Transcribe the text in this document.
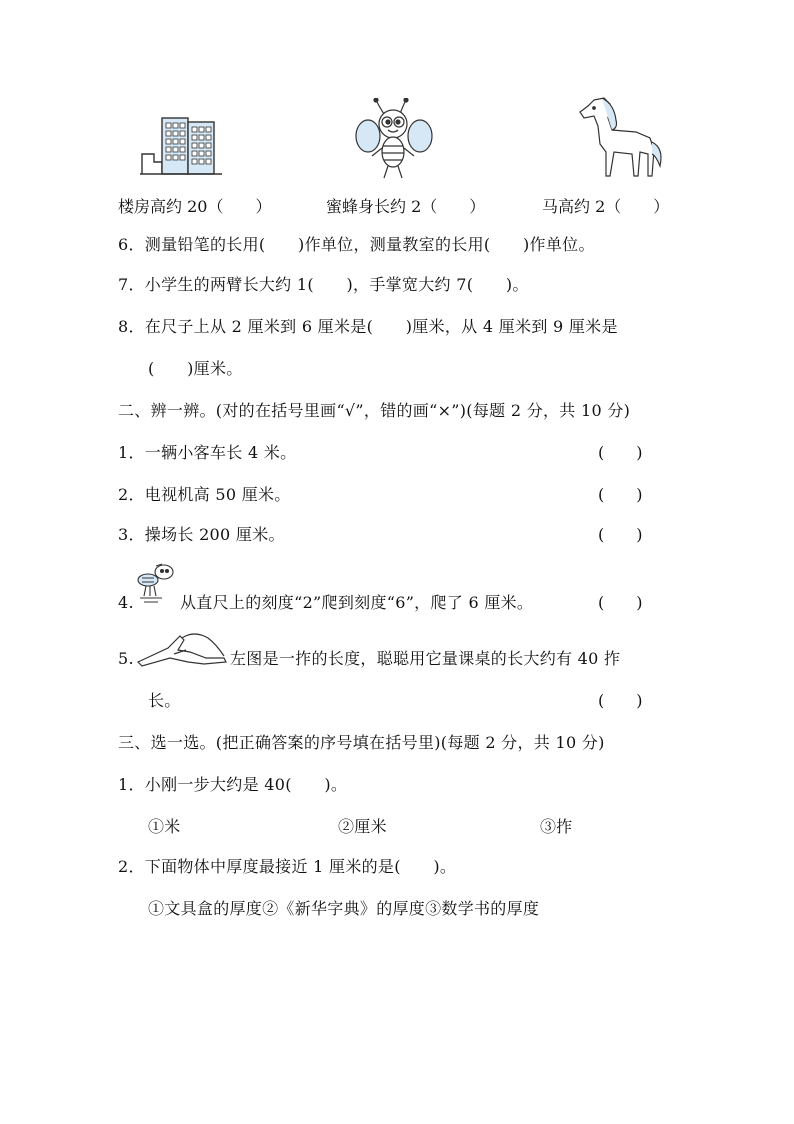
楼房高约 20（　　）	蜜蜂身长约 2（　　）	马高约 2（　　）
6．测量铅笔的长用(　　)作单位，测量教室的长用(　　)作单位。
7．小学生的两臂长大约 1(　　)，手掌宽大约 7(　　)。
8．在尺子上从 2 厘米到 6 厘米是(　　)厘米，从 4 厘米到 9 厘米是
(　　)厘米。
二、辨一辨。(对的在括号里画“√”，错的画“×”)(每题 2 分，共 10 分)
1．一辆小客车长 4 米。	(　　)
2．电视机高 50 厘米。	(　　)
3．操场长 200 厘米。	(　　)
4.	从直尺上的刻度“2”爬到刻度“6”，爬了 6 厘米。	(　　)
5.	左图是一拃的长度，聪聪用它量课桌的长大约有 40 拃
长。	(　　)
三、选一选。(把正确答案的序号填在括号里)(每题 2 分，共 10 分)
1．小刚一步大约是 40(　　)。
①米	②厘米	③拃
2．下面物体中厚度最接近 1 厘米的是(　　)。
①文具盒的厚度②《新华字典》的厚度③数学书的厚度
